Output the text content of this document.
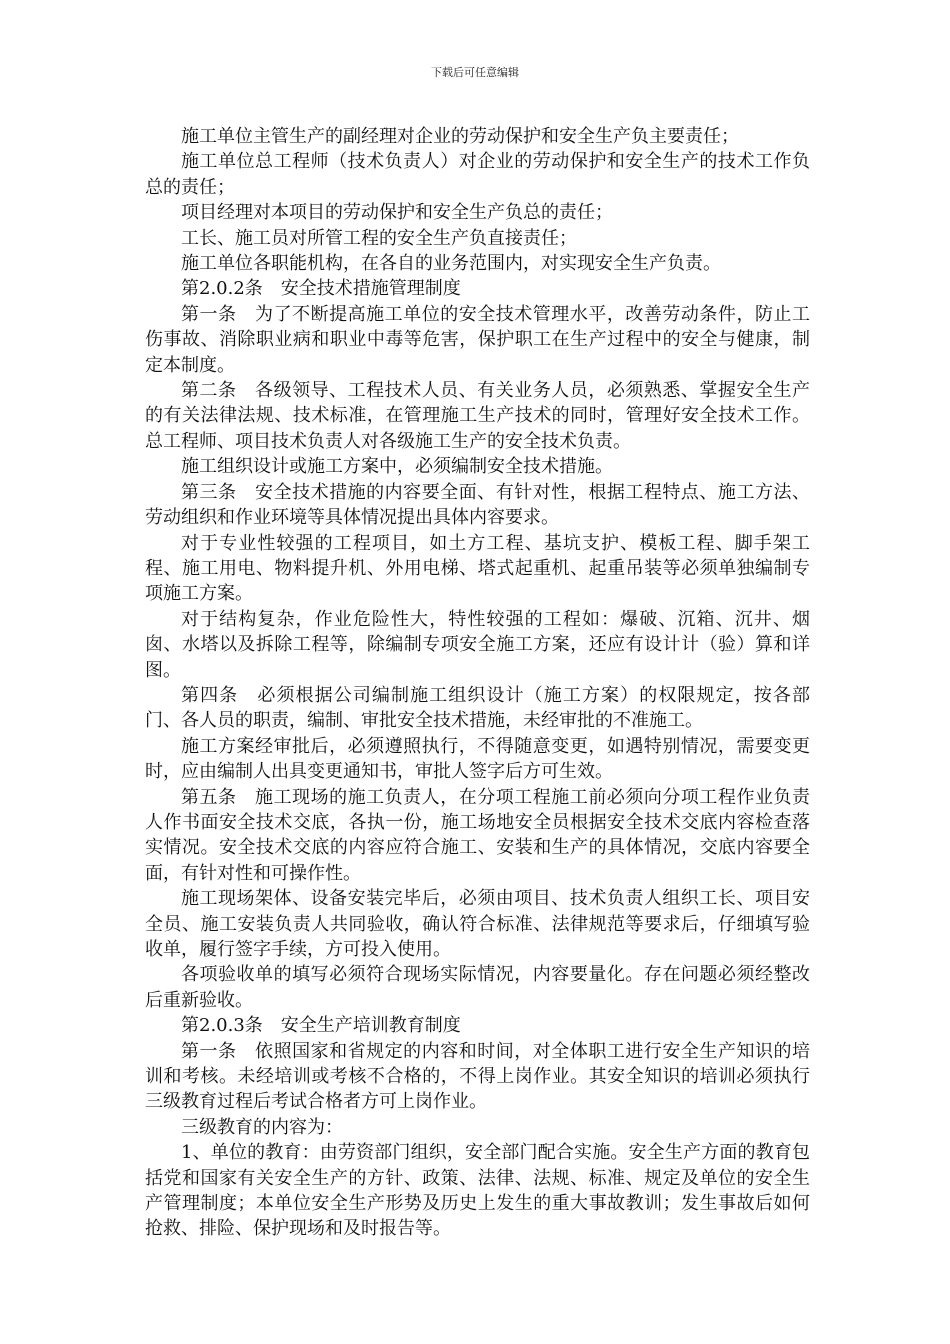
下载后可任意编辑

施工单位主管生产的副经理对企业的劳动保护和安全生产负主要责任；

施工单位总工程师（技术负责人）对企业的劳动保护和安全生产的技术工作负总的责任；

项目经理对本项目的劳动保护和安全生产负总的责任；

工长、施工员对所管工程的安全生产负直接责任；

施工单位各职能机构，在各自的业务范围内，对实现安全生产负责。

第2.0.2条　安全技术措施管理制度

第一条　为了不断提高施工单位的安全技术管理水平，改善劳动条件，防止工伤事故、消除职业病和职业中毒等危害，保护职工在生产过程中的安全与健康，制定本制度。

第二条　各级领导、工程技术人员、有关业务人员，必须熟悉、掌握安全生产的有关法律法规、技术标准，在管理施工生产技术的同时，管理好安全技术工作。总工程师、项目技术负责人对各级施工生产的安全技术负责。

施工组织设计或施工方案中，必须编制安全技术措施。

第三条　安全技术措施的内容要全面、有针对性，根据工程特点、施工方法、劳动组织和作业环境等具体情况提出具体内容要求。

对于专业性较强的工程项目，如土方工程、基坑支护、模板工程、脚手架工程、施工用电、物料提升机、外用电梯、塔式起重机、起重吊装等必须单独编制专项施工方案。

对于结构复杂，作业危险性大，特性较强的工程如：爆破、沉箱、沉井、烟囱、水塔以及拆除工程等，除编制专项安全施工方案，还应有设计计（验）算和详图。

第四条　必须根据公司编制施工组织设计（施工方案）的权限规定，按各部门、各人员的职责，编制、审批安全技术措施，未经审批的不准施工。

施工方案经审批后，必须遵照执行，不得随意变更，如遇特别情况，需要变更时，应由编制人出具变更通知书，审批人签字后方可生效。

第五条　施工现场的施工负责人，在分项工程施工前必须向分项工程作业负责人作书面安全技术交底，各执一份，施工场地安全员根据安全技术交底内容检查落实情况。安全技术交底的内容应符合施工、安装和生产的具体情况，交底内容要全面，有针对性和可操作性。

施工现场架体、设备安装完毕后，必须由项目、技术负责人组织工长、项目安全员、施工安装负责人共同验收，确认符合标准、法律规范等要求后，仔细填写验收单，履行签字手续，方可投入使用。

各项验收单的填写必须符合现场实际情况，内容要量化。存在问题必须经整改后重新验收。

第2.0.3条　安全生产培训教育制度

第一条　依照国家和省规定的内容和时间，对全体职工进行安全生产知识的培训和考核。未经培训或考核不合格的，不得上岗作业。其安全知识的培训必须执行三级教育过程后考试合格者方可上岗作业。

三级教育的内容为：

1、单位的教育：由劳资部门组织，安全部门配合实施。安全生产方面的教育包括党和国家有关安全生产的方针、政策、法律、法规、标准、规定及单位的安全生产管理制度；本单位安全生产形势及历史上发生的重大事故教训；发生事故后如何抢救、排险、保护现场和及时报告等。
